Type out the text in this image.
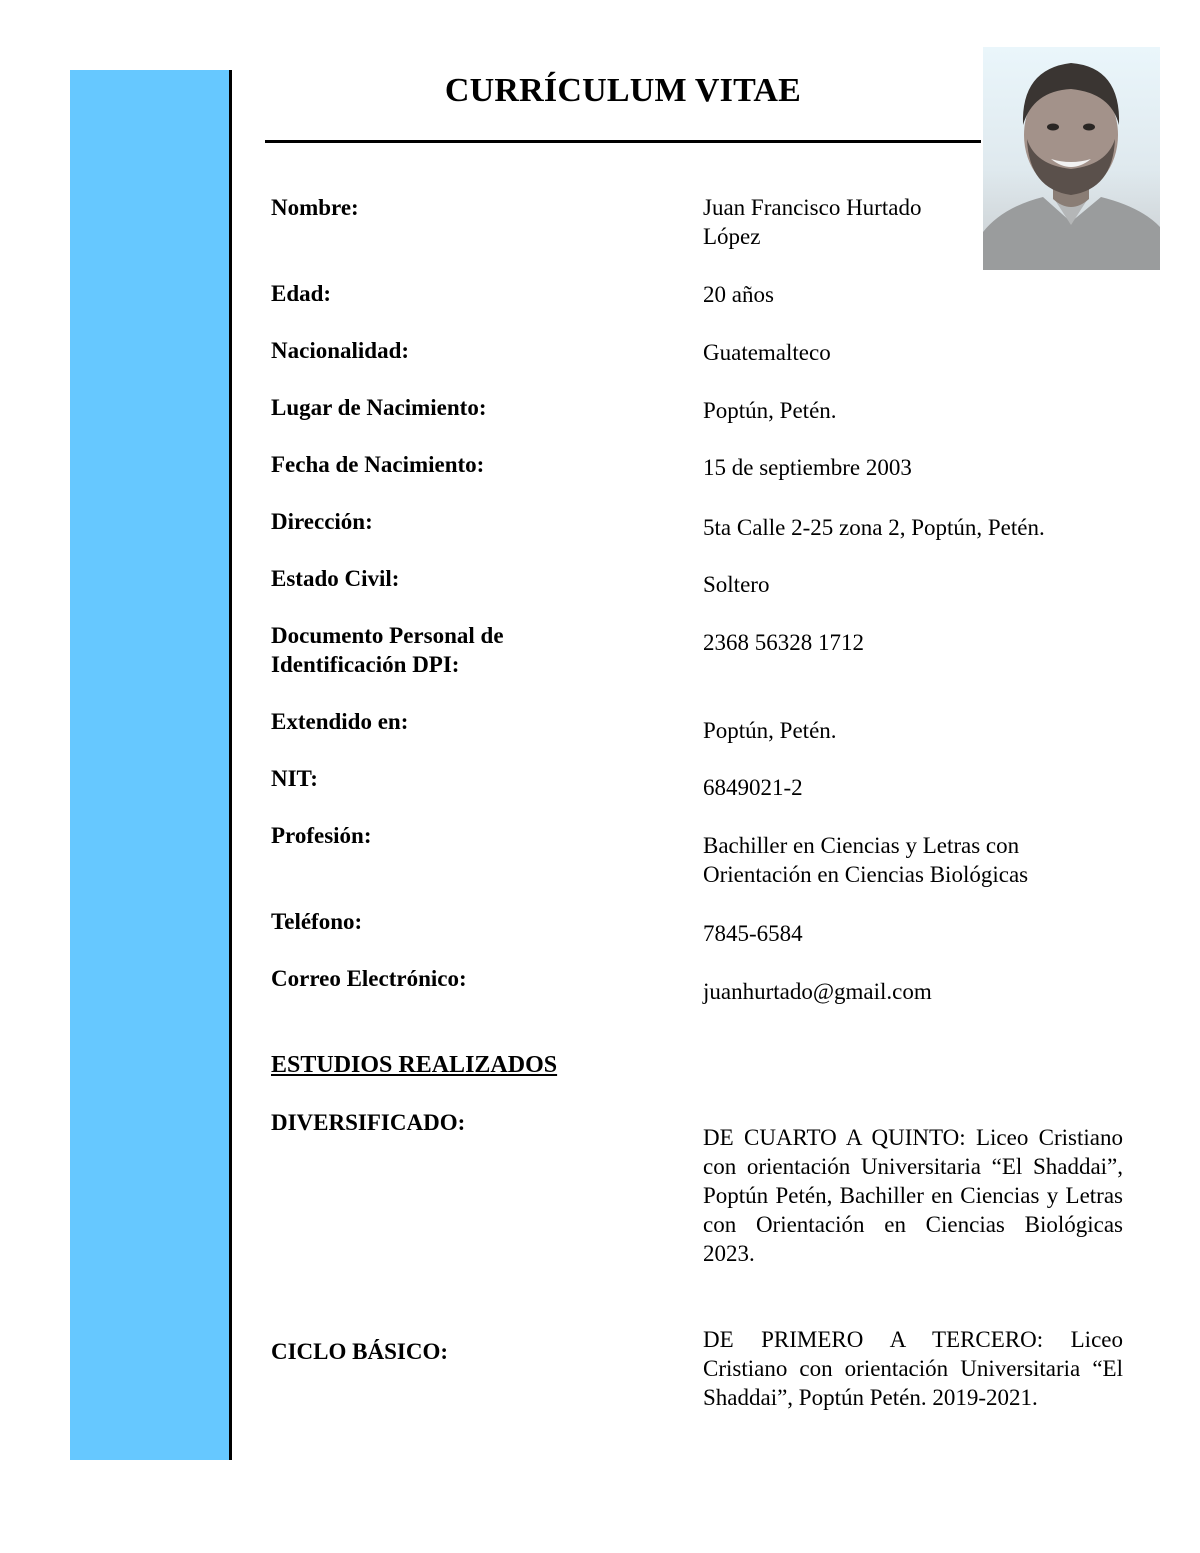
CURRÍCULUM VITAE
Nombre:	Juan Francisco Hurtado
López
Edad:	20 años
Nacionalidad:	Guatemalteco
Lugar de Nacimiento:	Poptún, Petén.
Fecha de Nacimiento:	15 de septiembre 2003
Dirección:	5ta Calle 2-25 zona 2, Poptún, Petén.
Estado Civil:	Soltero
Documento Personal de
Identificación DPI:
2368 56328 1712
Extendido en:	Poptún, Petén.
NIT:	6849021-2
Profesión:	Bachiller en Ciencias y Letras con
Orientación en Ciencias Biológicas
Teléfono:	7845-6584
Correo Electrónico:
juanhurtado@gmail.com
ESTUDIOS REALIZADOS
DIVERSIFICADO:
DE CUARTO A QUINTO: Liceo Cristiano con orientación Universitaria “El Shaddai”, Poptún Petén, Bachiller en Ciencias y Letras con Orientación en Ciencias Biológicas 2023.
CICLO BÁSICO:	DE PRIMERO A TERCERO: Liceo Cristiano con orientación Universitaria “El Shaddai”, Poptún Petén. 2019-2021.
